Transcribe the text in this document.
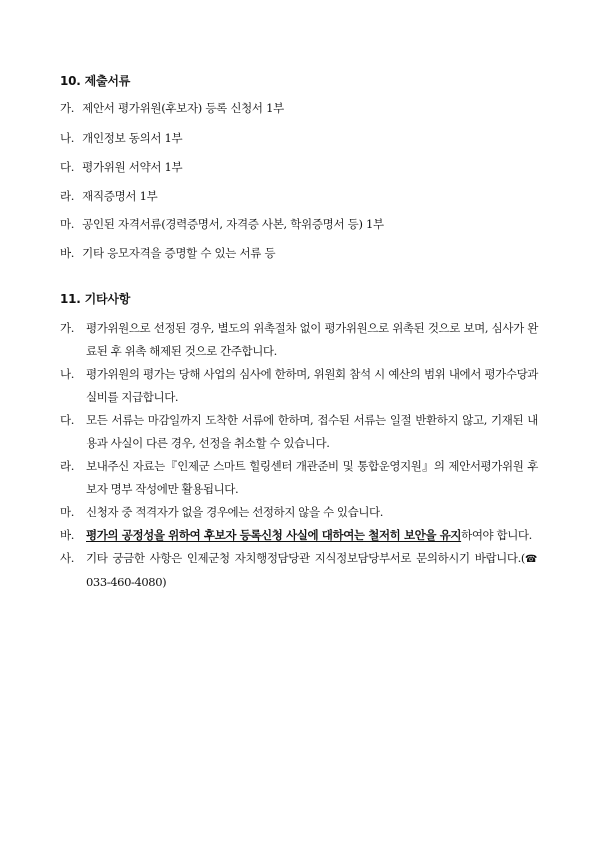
10. 제출서류
가. 제안서 평가위원(후보자) 등록 신청서 1부
나. 개인정보 동의서 1부
다. 평가위원 서약서 1부
라. 재직증명서 1부
마. 공인된 자격서류(경력증명서, 자격증 사본, 학위증명서 등) 1부
바. 기타 응모자격을 증명할 수 있는 서류 등
11. 기타사항
가.	평가위원으로 선정된 경우, 별도의 위촉절차 없이 평가위원으로 위촉된 것으로 보며, 심사가 완료된 후 위촉 해제된 것으로 간주합니다.
나.	평가위원의 평가는 당해 사업의 심사에 한하며, 위원회 참석 시 예산의 범위 내에서 평가수당과 실비를 지급합니다.
다.	모든 서류는 마감일까지 도착한 서류에 한하며, 접수된 서류는 일절 반환하지 않고, 기재된 내용과 사실이 다른 경우, 선정을 취소할 수 있습니다.
라.	보내주신 자료는『인제군 스마트 힐링센터 개관준비 및 통합운영지원』의 제안서평가위원 후보자 명부 작성에만 활용됩니다.
마.	신청자 중 적격자가 없을 경우에는 선정하지 않을 수 있습니다.
바.	평가의 공정성을 위하여 후보자 등록신청 사실에 대하여는 철저히 보안을 유지하여야 합니다.
사.	기타 궁금한 사항은 인제군청 자치행정담당관 지식정보담당부서로 문의하시기 바랍니다.(☎033-460-4080)
